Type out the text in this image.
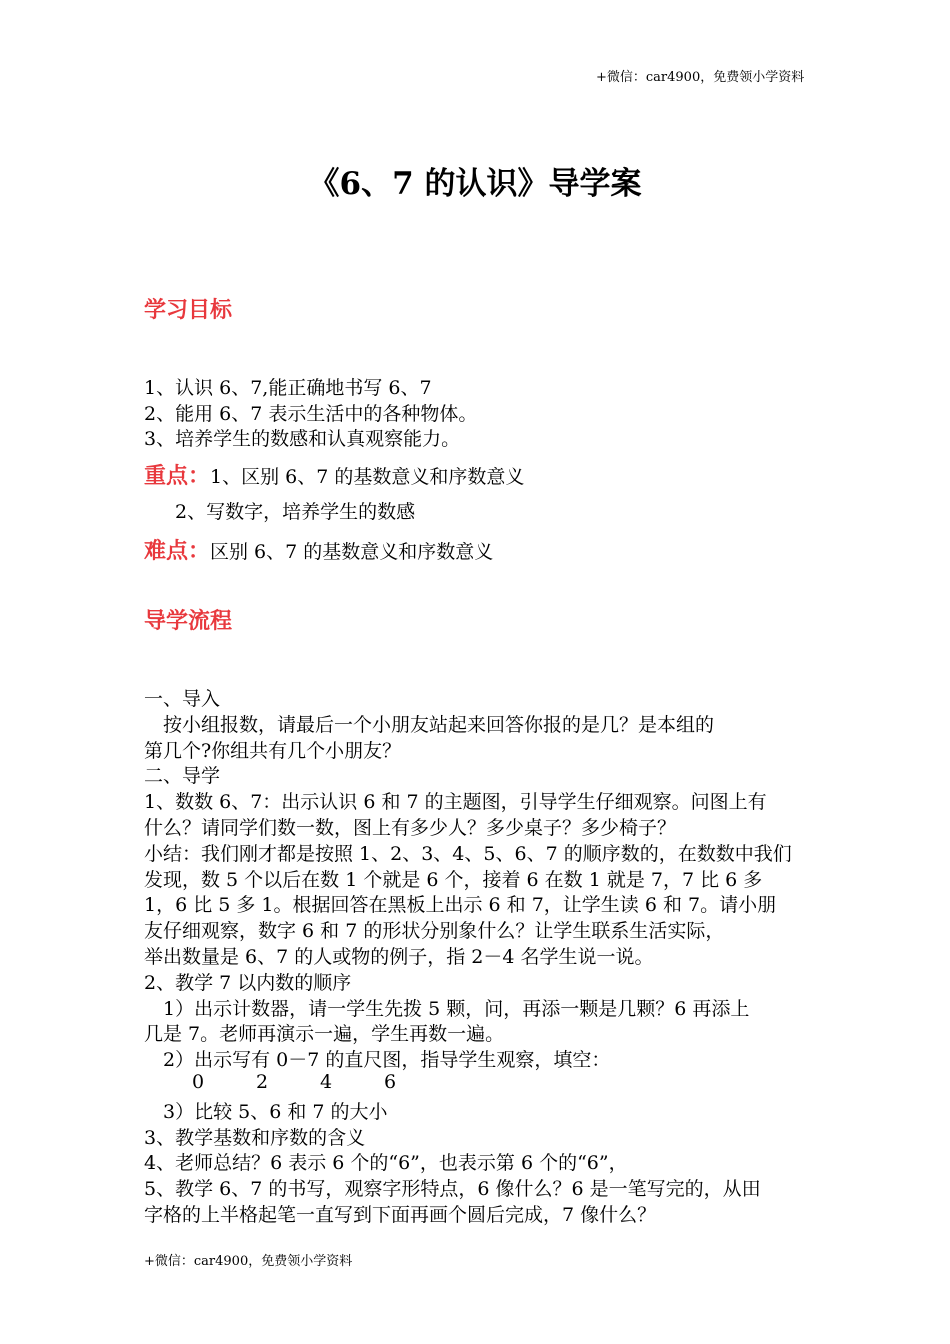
+微信：car4900，免费领小学资料
《6、7 的认识》导学案
学习目标
1、认识 6、7,能正确地书写 6、7
2、能用 6、7 表示生活中的各种物体。
3、培养学生的数感和认真观察能力。
重点：1、区别 6、7 的基数意义和序数意义
2、写数字，培养学生的数感
难点：区别 6、7 的基数意义和序数意义
导学流程
一、导入
　按小组报数，请最后一个小朋友站起来回答你报的是几？是本组的
第几个?你组共有几个小朋友？
二、导学
1、数数 6、7：出示认识 6 和 7 的主题图，引导学生仔细观察。问图上有
什么？请同学们数一数，图上有多少人？多少桌子？多少椅子？
小结：我们刚才都是按照 1、2、3、4、5、6、7 的顺序数的，在数数中我们
发现，数 5 个以后在数 1 个就是 6 个，接着 6 在数 1 就是 7，7 比 6 多
1，6 比 5 多 1。根据回答在黑板上出示 6 和 7，让学生读 6 和 7。请小朋
友仔细观察，数字 6 和 7 的形状分别象什么？让学生联系生活实际，
举出数量是 6、7 的人或物的例子，指 2－4 名学生说一说。
2、教学 7 以内数的顺序
　1）出示计数器，请一学生先拨 5 颗，问，再添一颗是几颗？6 再添上
几是 7。老师再演示一遍，学生再数一遍。
　2）出示写有 0－7 的直尺图，指导学生观察，填空：
0	2	4	6
　3）比较 5、6 和 7 的大小
3、教学基数和序数的含义
4、老师总结？6 表示 6 个的“6”，也表示第 6 个的“6”，
5、教学 6、7 的书写，观察字形特点，6 像什么？6 是一笔写完的，从田
字格的上半格起笔一直写到下面再画个圆后完成，7 像什么？
+微信：car4900，免费领小学资料
